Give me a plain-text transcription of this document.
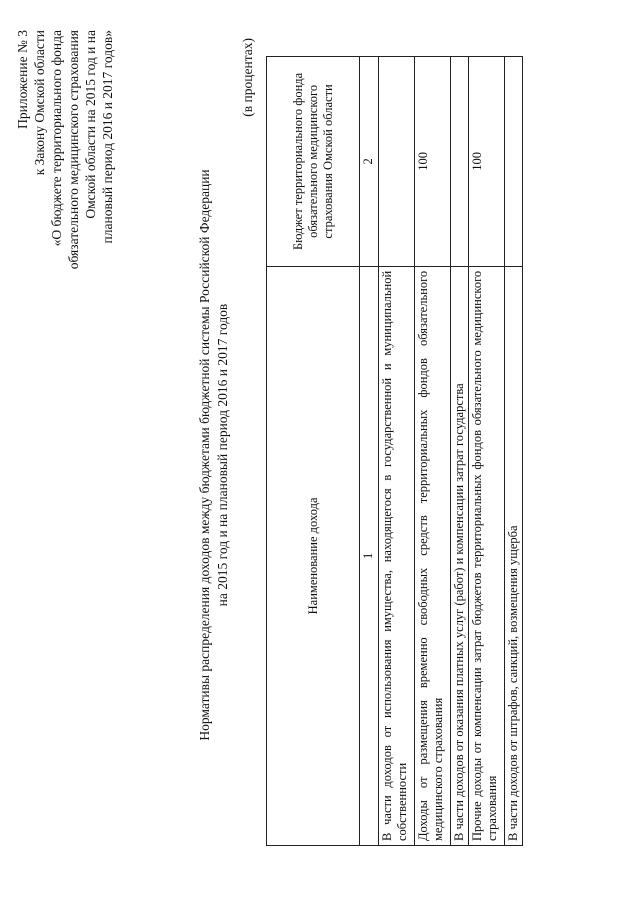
Приложение № 3 к Закону Омской области «О бюджете территориального фонда обязательного медицинского страхования Омской области на 2015 год и на плановый период 2016 и 2017 годов»
Нормативы распределения доходов между бюджетами бюджетной системы Российской Федерации на 2015 год и на плановый период 2016 и 2017 годов
(в процентах)
Наименование дохода	Бюджет территориального фонда обязательного медицинского страхования Омской области
1	2
В части доходов от использования имущества, находящегося в государственной и муниципальной собственности	
Доходы от размещения временно свободных средств территориальных фондов обязательного медицинского страхования	100
В части доходов от оказания платных услуг (работ) и компенсации затрат государства	
Прочие доходы от компенсации затрат бюджетов территориальных фондов обязательного медицинского страхования	100
В части доходов от штрафов, санкций, возмещения ущерба	
